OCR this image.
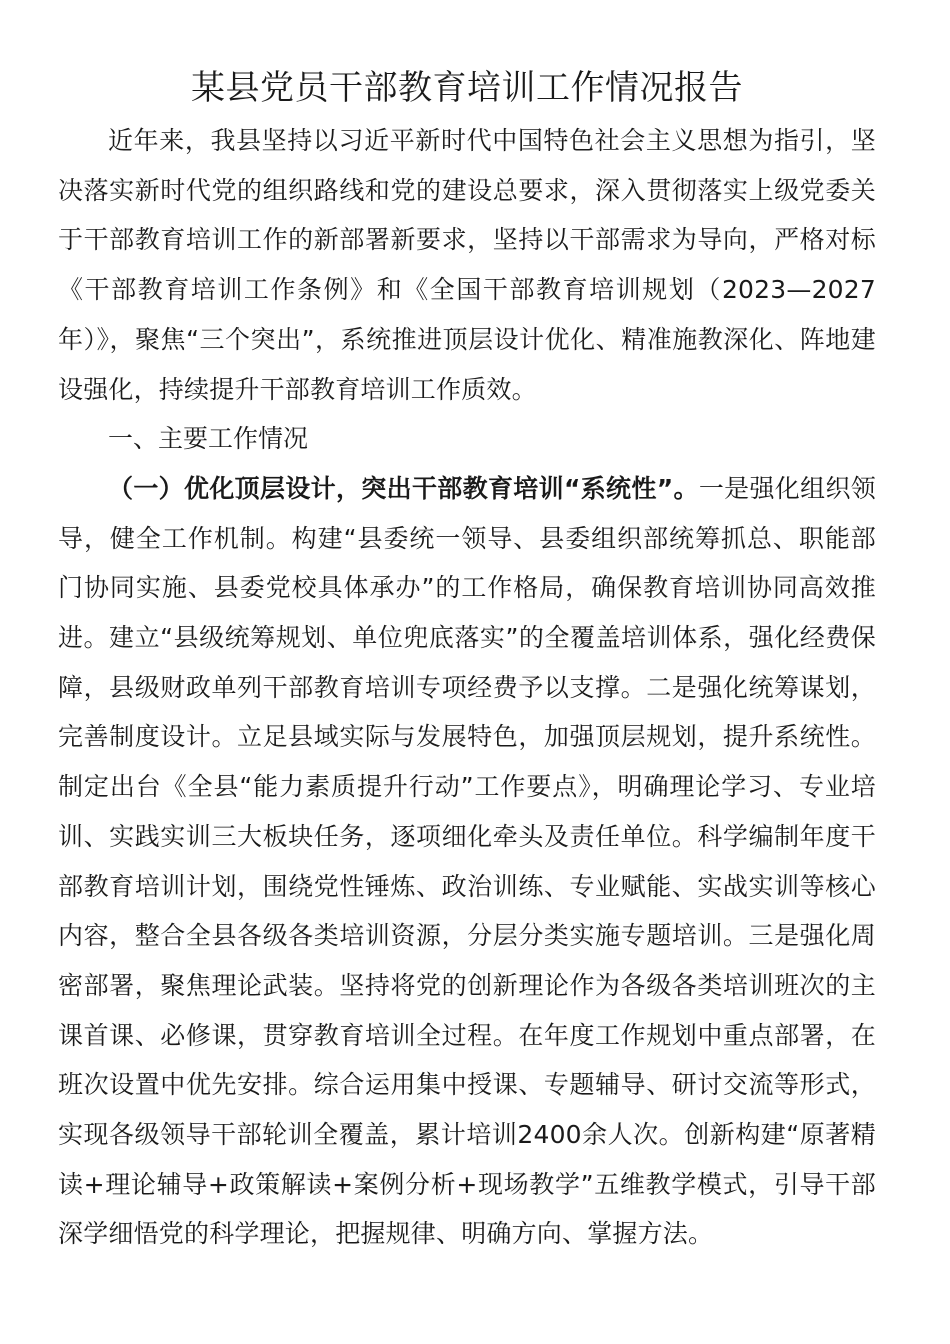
某县党员干部教育培训工作情况报告

近年来，我县坚持以习近平新时代中国特色社会主义思想为指引，坚决落实新时代党的组织路线和党的建设总要求，深入贯彻落实上级党委关于干部教育培训工作的新部署新要求，坚持以干部需求为导向，严格对标《干部教育培训工作条例》和《全国干部教育培训规划（2023—2027年）》，聚焦“三个突出”，系统推进顶层设计优化、精准施教深化、阵地建设强化，持续提升干部教育培训工作质效。

一、主要工作情况

（一）优化顶层设计，突出干部教育培训“系统性”。一是强化组织领导，健全工作机制。构建“县委统一领导、县委组织部统筹抓总、职能部门协同实施、县委党校具体承办”的工作格局，确保教育培训协同高效推进。建立“县级统筹规划、单位兜底落实”的全覆盖培训体系，强化经费保障，县级财政单列干部教育培训专项经费予以支撑。二是强化统筹谋划，完善制度设计。立足县域实际与发展特色，加强顶层规划，提升系统性。制定出台《全县“能力素质提升行动”工作要点》，明确理论学习、专业培训、实践实训三大板块任务，逐项细化牵头及责任单位。科学编制年度干部教育培训计划，围绕党性锤炼、政治训练、专业赋能、实战实训等核心内容，整合全县各级各类培训资源，分层分类实施专题培训。三是强化周密部署，聚焦理论武装。坚持将党的创新理论作为各级各类培训班次的主课首课、必修课，贯穿教育培训全过程。在年度工作规划中重点部署，在班次设置中优先安排。综合运用集中授课、专题辅导、研讨交流等形式，实现各级领导干部轮训全覆盖，累计培训2400余人次。创新构建“原著精读+理论辅导+政策解读+案例分析+现场教学”五维教学模式，引导干部深学细悟党的科学理论，把握规律、明确方向、掌握方法。
